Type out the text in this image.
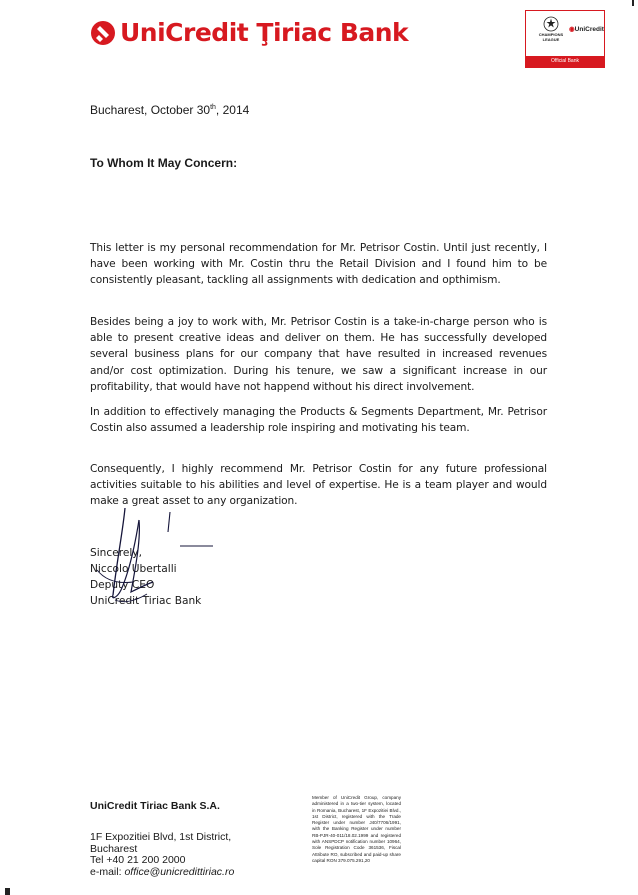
UniCredit Ţiriac Bank	CHAMPIONS LEAGUE
◉UniCredit
Official Bank
Bucharest, October 30th, 2014
To Whom It May Concern:
This letter is my personal recommendation for Mr. Petrisor Costin. Until just recently, I have been working with Mr. Costin thru the Retail Division and I found him to be consistently pleasant, tackling all assignments with dedication and opthimism.
Besides being a joy to work with, Mr. Petrisor Costin is a take-in-charge person who is able to present creative ideas and deliver on them. He has successfully developed several business plans for our company that have resulted in increased revenues and/or cost optimization. During his tenure, we saw a significant increase in our profitability, that would have not happend without his direct involvement.
In addition to effectively managing the Products & Segments Department, Mr. Petrisor Costin also assumed a leadership role inspiring and motivating his team.
Consequently, I highly recommend Mr. Petrisor Costin for any future professional activities suitable to his abilities and level of expertise. He is a team player and would make a great asset to any organization.
Sincerely,
Niccolo Ubertalli
Deputy CEO
UniCredit Tiriac Bank
UniCredit Tiriac Bank S.A.
1F Expozitiei Blvd, 1st District,
Bucharest
Tel +40 21 200 2000
e-mail: office@unicredittiriac.ro
Member of UniCredit Group, company administered in a two-tier system, located in Romania, Bucharest, 1F Expozitiei Blvd., 1st District, registered with the Trade Register under number J40/7706/1991, with the Banking Register under number RB-PJR-40-011/18.02.1999 and registered with ANSPDCP notification number 10964, Sole Registration Code 361536, Fiscal Attribute RO, subscribed and paid-up share capital RON 379.075.291,20
